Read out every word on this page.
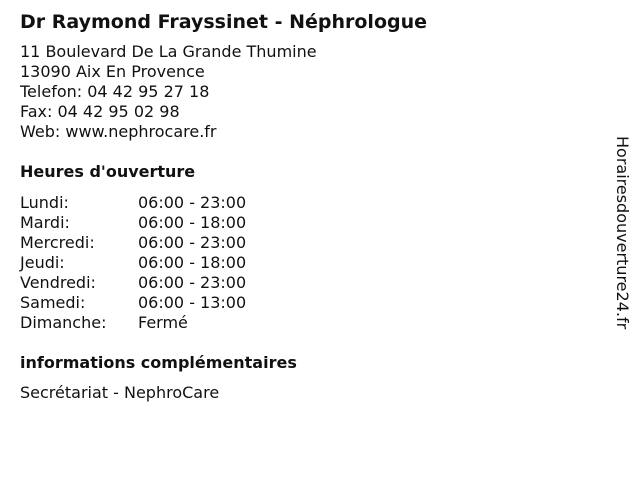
Dr Raymond Frayssinet - Néphrologue
11 Boulevard De La Grande Thumine
13090 Aix En Provence
Telefon: 04 42 95 27 18
Fax: 04 42 95 02 98
Web: www.nephrocare.fr
Heures d'ouverture
Lundi:	06:00 - 23:00
Mardi:	06:00 - 18:00
Mercredi:	06:00 - 23:00
Jeudi:	06:00 - 18:00
Vendredi:	06:00 - 23:00
Samedi:	06:00 - 13:00
Dimanche:	Fermé
informations complémentaires
Secrétariat - NephroCare
Horairesdouverture24.fr
